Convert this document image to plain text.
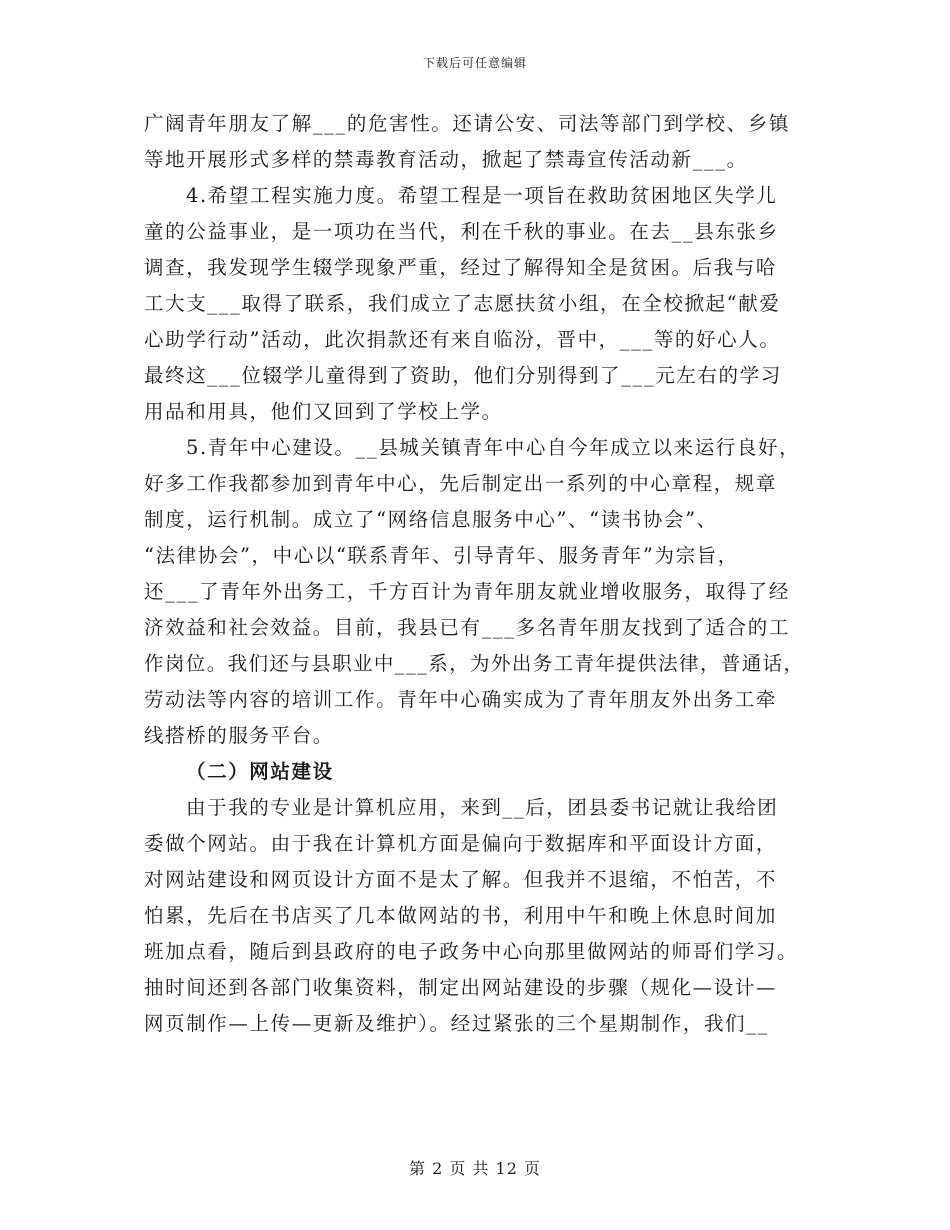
下载后可任意编辑
广阔青年朋友了解___的危害性。还请公安、司法等部门到学校、乡镇
等地开展形式多样的禁毒教育活动，掀起了禁毒宣传活动新___。
4.希望工程实施力度。希望工程是一项旨在救助贫困地区失学儿
童的公益事业，是一项功在当代，利在千秋的事业。在去__县东张乡
调查，我发现学生辍学现象严重，经过了解得知全是贫困。后我与哈
工大支___取得了联系，我们成立了志愿扶贫小组，在全校掀起“献爱
心助学行动”活动，此次捐款还有来自临汾，晋中，___等的好心人。
最终这___位辍学儿童得到了资助，他们分别得到了___元左右的学习
用品和用具，他们又回到了学校上学。
5.青年中心建设。__县城关镇青年中心自今年成立以来运行良好，
好多工作我都参加到青年中心，先后制定出一系列的中心章程，规章
制度，运行机制。成立了“网络信息服务中心”、“读书协会”、
“法律协会”，中心以“联系青年、引导青年、服务青年”为宗旨，
还___了青年外出务工，千方百计为青年朋友就业增收服务，取得了经
济效益和社会效益。目前，我县已有___多名青年朋友找到了适合的工
作岗位。我们还与县职业中___系，为外出务工青年提供法律，普通话，
劳动法等内容的培训工作。青年中心确实成为了青年朋友外出务工牵
线搭桥的服务平台。
（二）网站建设
由于我的专业是计算机应用，来到__后，团县委书记就让我给团
委做个网站。由于我在计算机方面是偏向于数据库和平面设计方面，
对网站建设和网页设计方面不是太了解。但我并不退缩，不怕苦，不
怕累，先后在书店买了几本做网站的书，利用中午和晚上休息时间加
班加点看，随后到县政府的电子政务中心向那里做网站的师哥们学习。
抽时间还到各部门收集资料，制定出网站建设的步骤（规化—设计—
网页制作—上传—更新及维护）。经过紧张的三个星期制作，我们__
第 2 页 共 12 页
